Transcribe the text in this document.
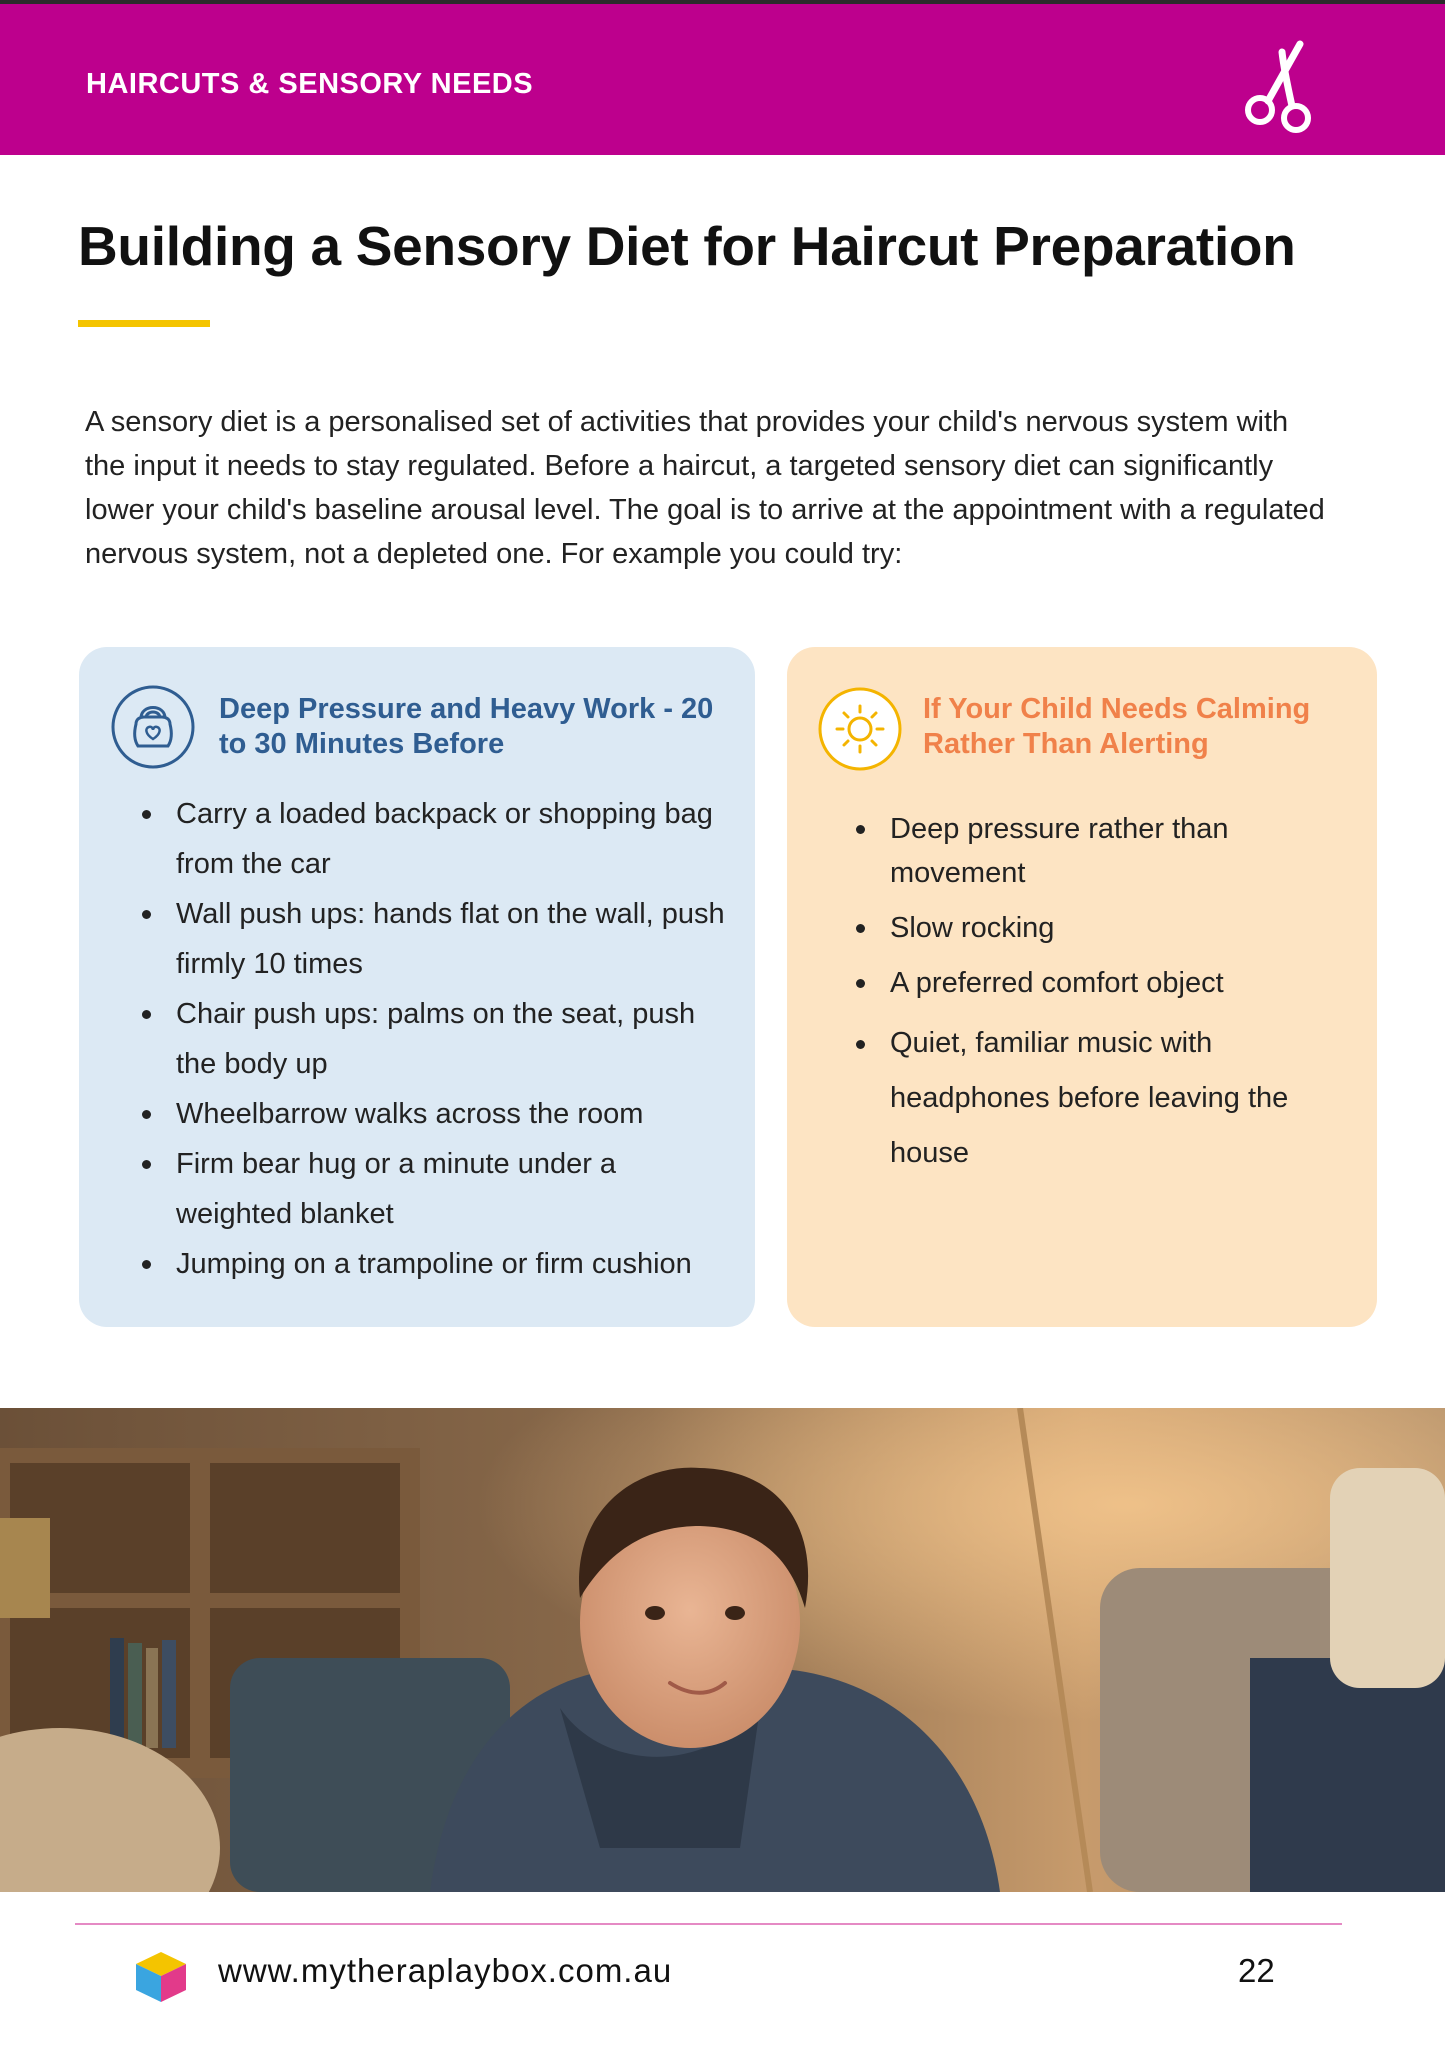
HAIRCUTS & SENSORY NEEDS
Building a Sensory Diet for Haircut Preparation

A sensory diet is a personalised set of activities that provides your child's nervous system with the input it needs to stay regulated. Before a haircut, a targeted sensory diet can significantly lower your child's baseline arousal level. The goal is to arrive at the appointment with a regulated nervous system, not a depleted one. For example you could try:

Deep Pressure and Heavy Work - 20 to 30 Minutes Before
Carry a loaded backpack or shopping bag from the car
Wall push ups: hands flat on the wall, push firmly 10 times
Chair push ups: palms on the seat, push the body up
Wheelbarrow walks across the room
Firm bear hug or a minute under a weighted blanket
Jumping on a trampoline or firm cushion
If Your Child Needs Calming Rather Than Alerting
Deep pressure rather than movement
Slow rocking
A preferred comfort object
Quiet, familiar music with headphones before leaving the house
www.mytheraplaybox.com.au	22
